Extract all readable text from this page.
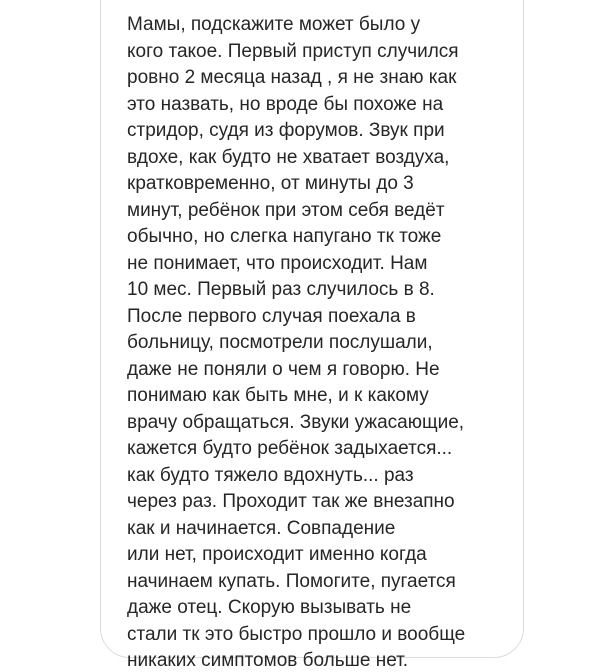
Мамы, подскажите может было у
кого такое. Первый приступ случился
ровно 2 месяца назад , я не знаю как
это назвать, но вроде бы похоже на
стридор, судя из форумов. Звук при
вдохе, как будто не хватает воздуха,
кратковременно, от минуты до 3
минут, ребёнок при этом себя ведёт
обычно, но слегка напугано тк тоже
не понимает, что происходит. Нам
10 мес. Первый раз случилось в 8.
После первого случая поехала в
больницу, посмотрели послушали,
даже не поняли о чем я говорю. Не
понимаю как быть мне, и к какому
врачу обращаться. Звуки ужасающие,
кажется будто ребёнок задыхается...
как будто тяжело вдохнуть... раз
через раз. Проходит так же внезапно
как и начинается. Совпадение
или нет, происходит именно когда
начинаем купать. Помогите, пугается
даже отец. Скорую вызывать не
стали тк это быстро прошло и вообще
никаких симптомов больше нет.
